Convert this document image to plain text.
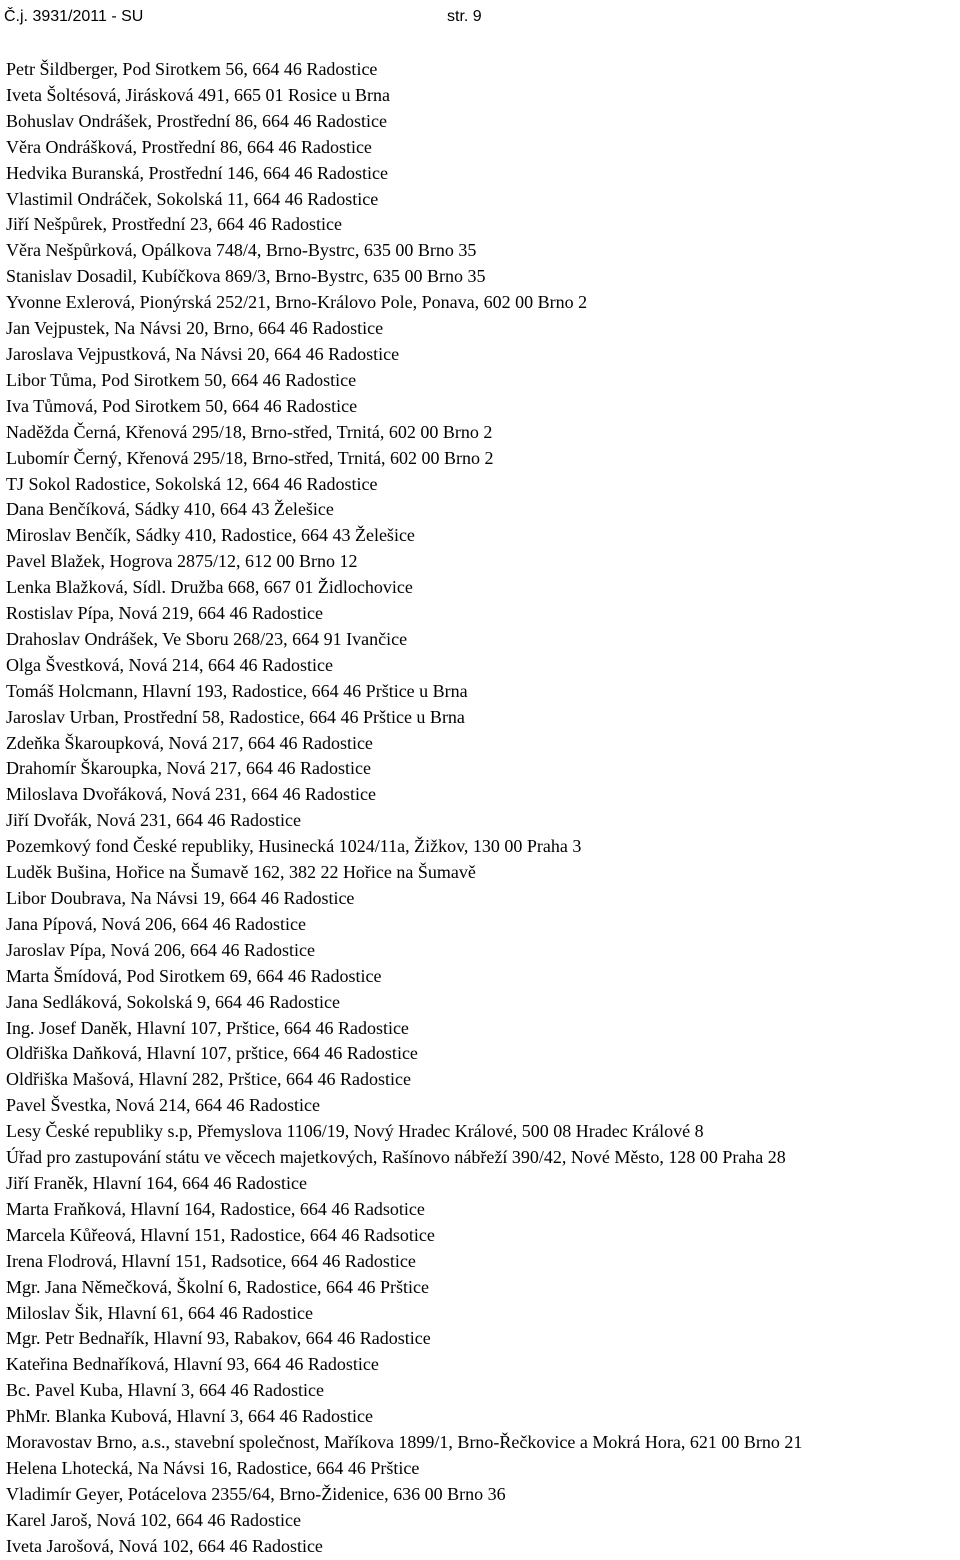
Č.j. 3931/2011 - SU	str. 9
Petr Šildberger, Pod Sirotkem 56, 664 46 Radostice
Iveta Šoltésová, Jirásková 491, 665 01 Rosice u Brna
Bohuslav Ondrášek, Prostřední 86, 664 46 Radostice
Věra Ondrášková, Prostřední 86, 664 46 Radostice
Hedvika Buranská, Prostřední 146, 664 46 Radostice
Vlastimil Ondráček, Sokolská 11, 664 46 Radostice
Jiří Nešpůrek, Prostřední 23, 664 46 Radostice
Věra Nešpůrková, Opálkova 748/4, Brno-Bystrc, 635 00 Brno 35
Stanislav Dosadil, Kubíčkova 869/3, Brno-Bystrc, 635 00 Brno 35
Yvonne Exlerová, Pionýrská 252/21, Brno-Královo Pole, Ponava, 602 00 Brno 2
Jan Vejpustek, Na Návsi 20, Brno, 664 46 Radostice
Jaroslava Vejpustková, Na Návsi 20, 664 46 Radostice
Libor Tůma, Pod Sirotkem 50, 664 46 Radostice
Iva Tůmová, Pod Sirotkem 50, 664 46 Radostice
Naděžda Černá, Křenová 295/18, Brno-střed, Trnitá, 602 00 Brno 2
Lubomír Černý, Křenová 295/18, Brno-střed, Trnitá, 602 00 Brno 2
TJ Sokol Radostice, Sokolská 12, 664 46 Radostice
Dana Benčíková, Sádky 410, 664 43 Želešice
Miroslav Benčík, Sádky 410, Radostice, 664 43 Želešice
Pavel Blažek, Hogrova 2875/12, 612 00 Brno 12
Lenka Blažková, Sídl. Družba 668, 667 01 Židlochovice
Rostislav Pípa, Nová 219, 664 46 Radostice
Drahoslav Ondrášek, Ve Sboru 268/23, 664 91 Ivančice
Olga Švestková, Nová 214, 664 46 Radostice
Tomáš Holcmann, Hlavní 193, Radostice, 664 46 Prštice u Brna
Jaroslav Urban, Prostřední 58, Radostice, 664 46 Prštice u Brna
Zdeňka Škaroupková, Nová 217, 664 46 Radostice
Drahomír Škaroupka, Nová 217, 664 46 Radostice
Miloslava Dvořáková, Nová 231, 664 46 Radostice
Jiří Dvořák, Nová 231, 664 46 Radostice
Pozemkový fond České republiky, Husinecká 1024/11a, Žižkov, 130 00 Praha 3
Luděk Bušina, Hořice na Šumavě 162, 382 22 Hořice na Šumavě
Libor Doubrava, Na Návsi 19, 664 46 Radostice
Jana Pípová, Nová 206, 664 46 Radostice
Jaroslav Pípa, Nová 206, 664 46 Radostice
Marta Šmídová, Pod Sirotkem 69, 664 46 Radostice
Jana Sedláková, Sokolská 9, 664 46 Radostice
Ing. Josef Daněk, Hlavní 107, Prštice, 664 46 Radostice
Oldřiška Daňková, Hlavní 107, prštice, 664 46 Radostice
Oldřiška Mašová, Hlavní 282, Prštice, 664 46 Radostice
Pavel Švestka, Nová 214, 664 46 Radostice
Lesy České republiky s.p, Přemyslova 1106/19, Nový Hradec Králové, 500 08 Hradec Králové 8
Úřad pro zastupování státu ve věcech majetkových, Rašínovo nábřeží 390/42, Nové Město, 128 00 Praha 28
Jiří Franěk, Hlavní 164, 664 46 Radostice
Marta Fraňková, Hlavní 164, Radostice, 664 46 Radsotice
Marcela Kůřeová, Hlavní 151, Radostice, 664 46 Radsotice
Irena Flodrová, Hlavní 151, Radsotice, 664 46 Radostice
Mgr. Jana Němečková, Školní 6, Radostice, 664 46 Prštice
Miloslav Šik, Hlavní 61, 664 46 Radostice
Mgr. Petr Bednařík, Hlavní 93, Rabakov, 664 46 Radostice
Kateřina Bednaříková, Hlavní 93, 664 46 Radostice
Bc. Pavel Kuba, Hlavní 3, 664 46 Radostice
PhMr. Blanka Kubová, Hlavní 3, 664 46 Radostice
Moravostav Brno, a.s., stavební společnost, Maříkova 1899/1, Brno-Řečkovice a Mokrá Hora, 621 00 Brno 21
Helena Lhotecká, Na Návsi 16, Radostice, 664 46 Prštice
Vladimír Geyer, Potácelova 2355/64, Brno-Židenice, 636 00 Brno 36
Karel Jaroš, Nová 102, 664 46 Radostice
Iveta Jarošová, Nová 102, 664 46 Radostice
